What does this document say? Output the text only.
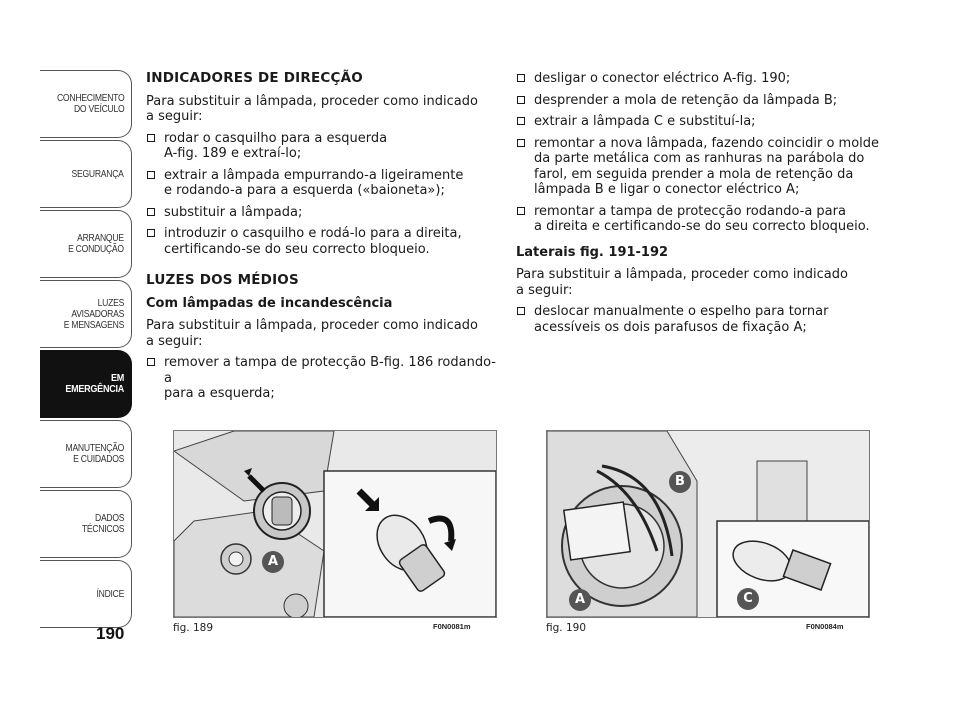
CONHECIMENTO
DO VEÍCULO
SEGURANÇA
ARRANQUE
E CONDUÇÃO
LUZES
AVISADORAS
E MENSAGENS
EM EMERGÊNCIA
MANUTENÇÃO
E CUIDADOS
DADOS
TÉCNICOS
ÍNDICE
190
INDICADORES DE DIRECÇÃO

Para substituir a lâmpada, proceder como indicado
a seguir:

rodar o casquilho para a esquerda
A-fig. 189 e extraí-lo;
extrair a lâmpada empurrando-a ligeiramente
e rodando-a para a esquerda («baioneta»);
substituir a lâmpada;
introduzir o casquilho e rodá-lo para a direita,
certificando-se do seu correcto bloqueio.
LUZES DOS MÉDIOS
Com lâmpadas de incandescência

Para substituir a lâmpada, proceder como indicado
a seguir:

remover a tampa de protecção B-fig. 186 rodando-a
para a esquerda;
desligar o conector eléctrico A-fig. 190;
desprender a mola de retenção da lâmpada B;
extrair a lâmpada C e substituí-la;
remontar a nova lâmpada, fazendo coincidir o molde
da parte metálica com as ranhuras na parábola do
farol, em seguida prender a mola de retenção da
lâmpada B e ligar o conector eléctrico A;
remontar a tampa de protecção rodando-a para
a direita e certificando-se do seu correcto bloqueio.
Laterais fig. 191-192

Para substituir a lâmpada, proceder como indicado
a seguir:

deslocar manualmente o espelho para tornar
acessíveis os dois parafusos de fixação A;
A
fig. 189	F0N0081m
B
A	C
fig. 190	F0N0084m
